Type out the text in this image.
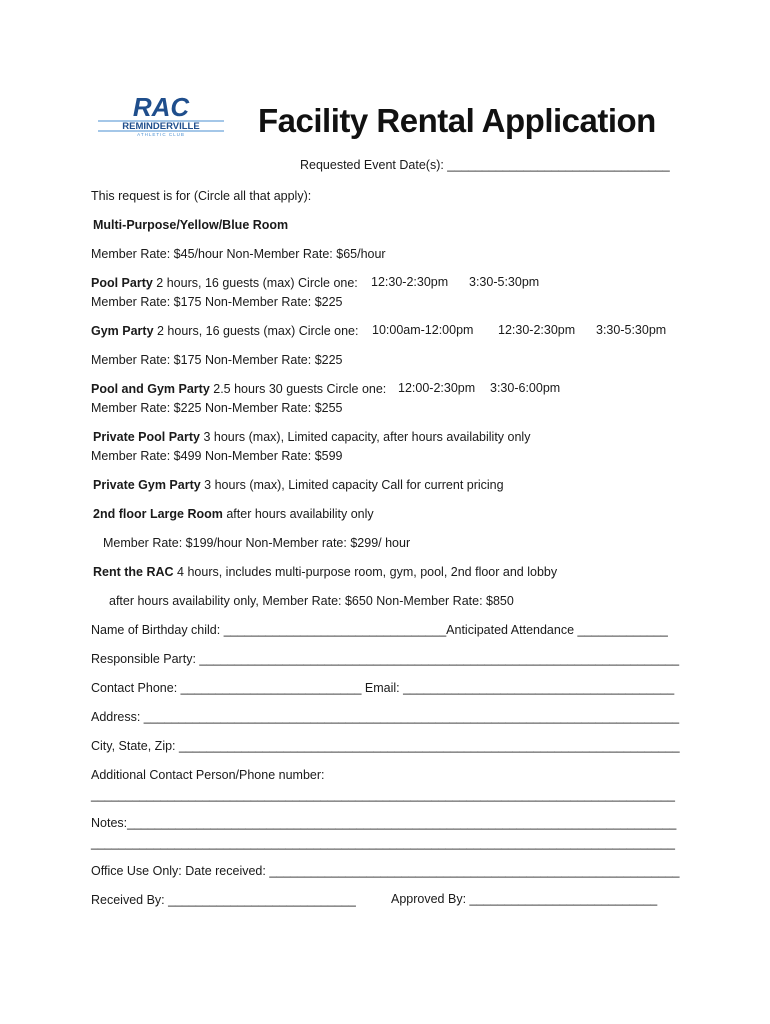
RAC
REMINDERVILLE
ATHLETIC CLUB Facility Rental Application
Requested Event Date(s): ________________________________
This request is for (Circle all that apply):
Multi-Purpose/Yellow/Blue Room
Member Rate: $45/hour Non-Member Rate: $65/hour
Pool Party 2 hours, 16 guests (max) Circle one: 12:30-2:30pm 3:30-5:30pm
Member Rate: $175 Non-Member Rate: $225
Gym Party 2 hours, 16 guests (max) Circle one: 10:00am-12:00pm 12:30-2:30pm 3:30-5:30pm
Member Rate: $175 Non-Member Rate: $225
Pool and Gym Party 2.5 hours 30 guests Circle one: 12:00-2:30pm 3:30-6:00pm
Member Rate: $225 Non-Member Rate: $255
Private Pool Party 3 hours (max), Limited capacity, after hours availability only
Member Rate: $499 Non-Member Rate: $599
Private Gym Party 3 hours (max), Limited capacity Call for current pricing
2nd floor Large Room after hours availability only
Member Rate: $199/hour Non-Member rate: $299/ hour
Rent the RAC 4 hours, includes multi-purpose room, gym, pool, 2nd floor and lobby
after hours availability only, Member Rate: $650 Non-Member Rate: $850
Name of Birthday child: ________________________________Anticipated Attendance _____________
Responsible Party: _____________________________________________________________________
Contact Phone: __________________________ Email: _______________________________________
Address: _____________________________________________________________________________
City, State, Zip: ________________________________________________________________________
Additional Contact Person/Phone number:
____________________________________________________________________________________
Notes:_______________________________________________________________________________
____________________________________________________________________________________
Office Use Only: Date received: ___________________________________________________________
Received By: ___________________________	Approved By: ___________________________
